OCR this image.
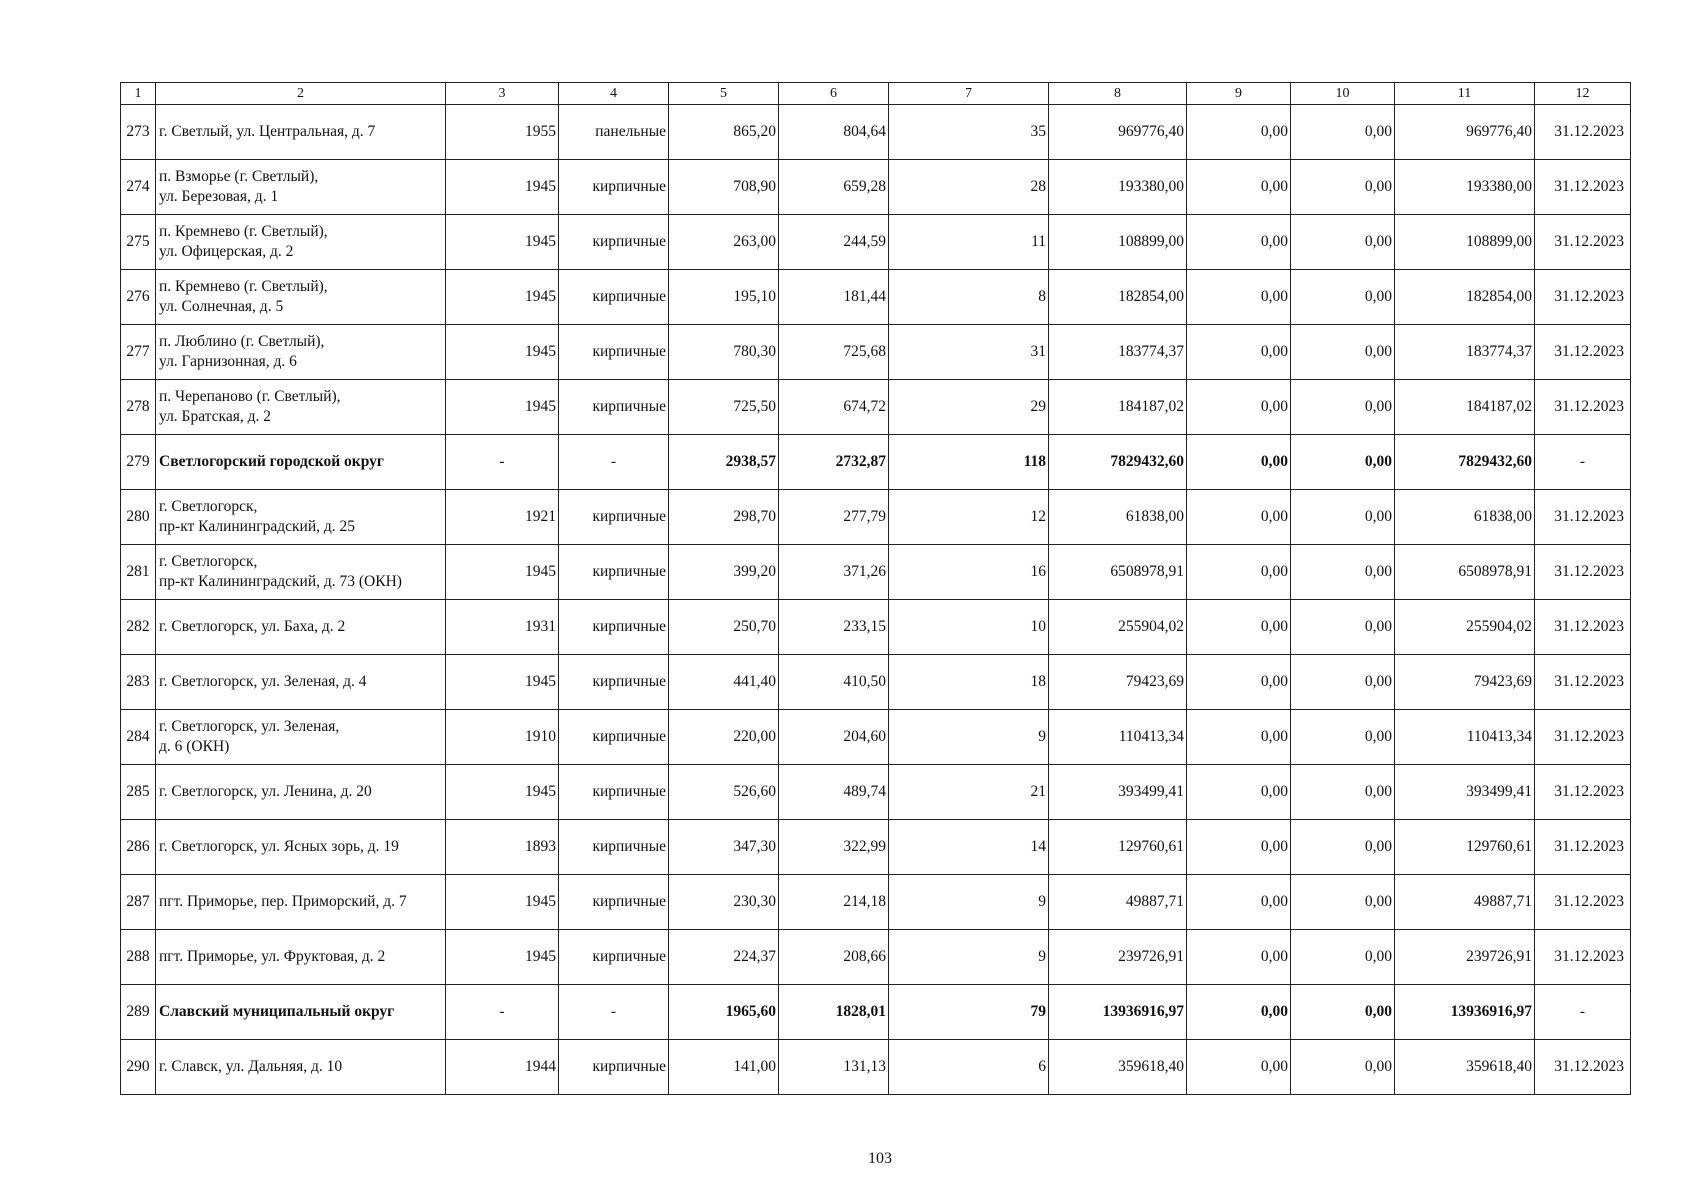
1	2	3	4	5	6	7	8	9	10	11	12
273	г. Светлый, ул. Центральная, д. 7	1955	панельные	865,20	804,64	35	969776,40	0,00	0,00	969776,40	31.12.2023
274	п. Взморье (г. Светлый),
ул. Березовая, д. 1	1945	кирпичные	708,90	659,28	28	193380,00	0,00	0,00	193380,00	31.12.2023
275	п. Кремнево (г. Светлый),
ул. Офицерская, д. 2	1945	кирпичные	263,00	244,59	11	108899,00	0,00	0,00	108899,00	31.12.2023
276	п. Кремнево (г. Светлый),
ул. Солнечная, д. 5	1945	кирпичные	195,10	181,44	8	182854,00	0,00	0,00	182854,00	31.12.2023
277	п. Люблино (г. Светлый),
ул. Гарнизонная, д. 6	1945	кирпичные	780,30	725,68	31	183774,37	0,00	0,00	183774,37	31.12.2023
278	п. Черепаново (г. Светлый),
ул. Братская, д. 2	1945	кирпичные	725,50	674,72	29	184187,02	0,00	0,00	184187,02	31.12.2023
279	Светлогорский городской округ	-	-	2938,57	2732,87	118	7829432,60	0,00	0,00	7829432,60	-
280	г. Светлогорск,
пр-кт Калининградский, д. 25	1921	кирпичные	298,70	277,79	12	61838,00	0,00	0,00	61838,00	31.12.2023
281	г. Светлогорск,
пр-кт Калининградский, д. 73 (ОКН)	1945	кирпичные	399,20	371,26	16	6508978,91	0,00	0,00	6508978,91	31.12.2023
282	г. Светлогорск, ул. Баха, д. 2	1931	кирпичные	250,70	233,15	10	255904,02	0,00	0,00	255904,02	31.12.2023
283	г. Светлогорск, ул. Зеленая, д. 4	1945	кирпичные	441,40	410,50	18	79423,69	0,00	0,00	79423,69	31.12.2023
284	г. Светлогорск, ул. Зеленая,
д. 6 (ОКН)	1910	кирпичные	220,00	204,60	9	110413,34	0,00	0,00	110413,34	31.12.2023
285	г. Светлогорск, ул. Ленина, д. 20	1945	кирпичные	526,60	489,74	21	393499,41	0,00	0,00	393499,41	31.12.2023
286	г. Светлогорск, ул. Ясных зорь, д. 19	1893	кирпичные	347,30	322,99	14	129760,61	0,00	0,00	129760,61	31.12.2023
287	пгт. Приморье, пер. Приморский, д. 7	1945	кирпичные	230,30	214,18	9	49887,71	0,00	0,00	49887,71	31.12.2023
288	пгт. Приморье, ул. Фруктовая, д. 2	1945	кирпичные	224,37	208,66	9	239726,91	0,00	0,00	239726,91	31.12.2023
289	Славский муниципальный округ	-	-	1965,60	1828,01	79	13936916,97	0,00	0,00	13936916,97	-
290	г. Славск, ул. Дальняя, д. 10	1944	кирпичные	141,00	131,13	6	359618,40	0,00	0,00	359618,40	31.12.2023
103
